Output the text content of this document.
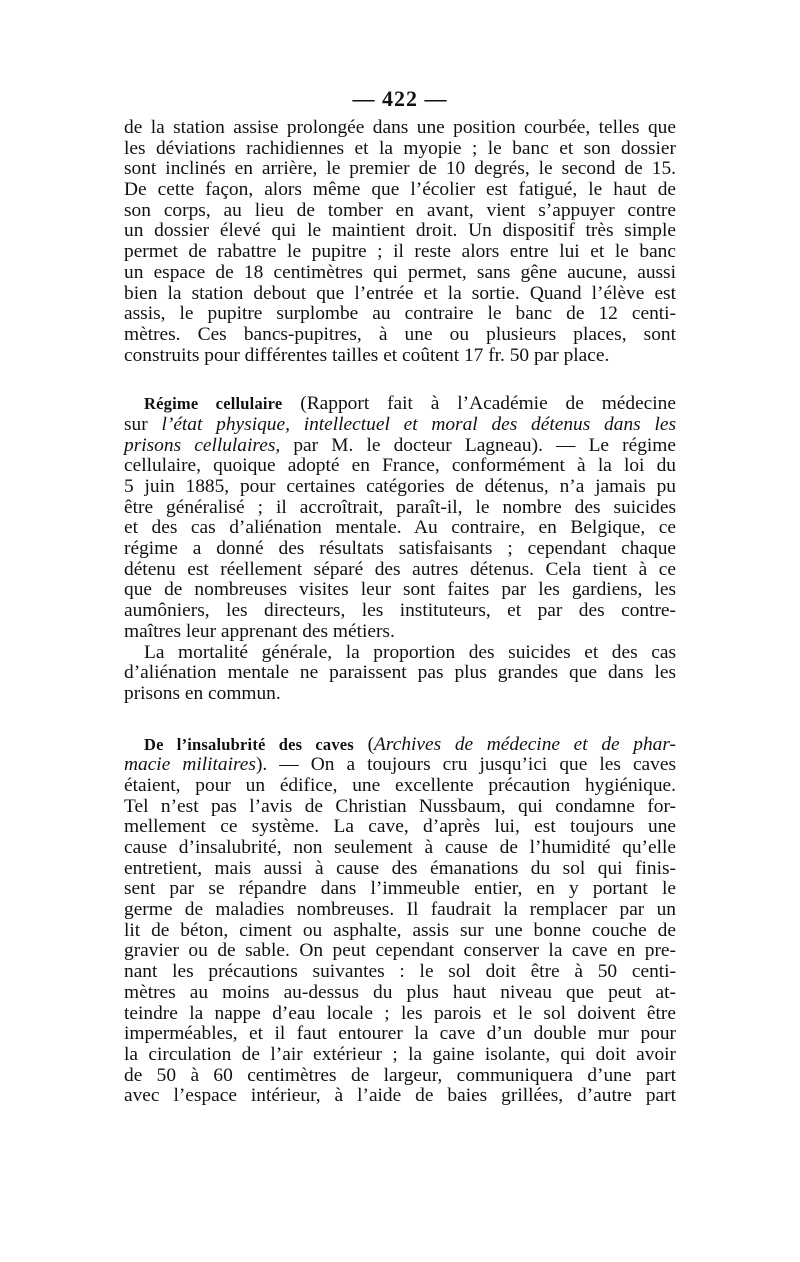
— 422 —
de la station assise prolongée dans une position courbée, telles que
les déviations rachidiennes et la myopie ; le banc et son dossier
sont inclinés en arrière, le premier de 10 degrés, le second de 15.
De cette façon, alors même que l’écolier est fatigué, le haut de
son corps, au lieu de tomber en avant, vient s’appuyer contre
un dossier élevé qui le maintient droit. Un dispositif très simple
permet de rabattre le pupitre ; il reste alors entre lui et le banc
un espace de 18 centimètres qui permet, sans gêne aucune, aussi
bien la station debout que l’entrée et la sortie. Quand l’élève est
assis, le pupitre surplombe au contraire le banc de 12 centi-
mètres. Ces bancs-pupitres, à une ou plusieurs places, sont
construits pour différentes tailles et coûtent 17 fr. 50 par place.
Régime cellulaire (Rapport fait à l’Académie de médecine
sur l’état physique, intellectuel et moral des détenus dans les
prisons cellulaires, par M. le docteur Lagneau). — Le régime
cellulaire, quoique adopté en France, conformément à la loi du
5 juin 1885, pour certaines catégories de détenus, n’a jamais pu
être généralisé ; il accroîtrait, paraît-il, le nombre des suicides
et des cas d’aliénation mentale. Au contraire, en Belgique, ce
régime a donné des résultats satisfaisants ; cependant chaque
détenu est réellement séparé des autres détenus. Cela tient à ce
que de nombreuses visites leur sont faites par les gardiens, les
aumôniers, les directeurs, les instituteurs, et par des contre-
maîtres leur apprenant des métiers.
La mortalité générale, la proportion des suicides et des cas
d’aliénation mentale ne paraissent pas plus grandes que dans les
prisons en commun.
De l’insalubrité des caves (Archives de médecine et de phar-
macie militaires). — On a toujours cru jusqu’ici que les caves
étaient, pour un édifice, une excellente précaution hygiénique.
Tel n’est pas l’avis de Christian Nussbaum, qui condamne for-
mellement ce système. La cave, d’après lui, est toujours une
cause d’insalubrité, non seulement à cause de l’humidité qu’elle
entretient, mais aussi à cause des émanations du sol qui finis-
sent par se répandre dans l’immeuble entier, en y portant le
germe de maladies nombreuses. Il faudrait la remplacer par un
lit de béton, ciment ou asphalte, assis sur une bonne couche de
gravier ou de sable. On peut cependant conserver la cave en pre-
nant les précautions suivantes : le sol doit être à 50 centi-
mètres au moins au-dessus du plus haut niveau que peut at-
teindre la nappe d’eau locale ; les parois et le sol doivent être
imperméables, et il faut entourer la cave d’un double mur pour
la circulation de l’air extérieur ; la gaine isolante, qui doit avoir
de 50 à 60 centimètres de largeur, communiquera d’une part
avec l’espace intérieur, à l’aide de baies grillées, d’autre part
